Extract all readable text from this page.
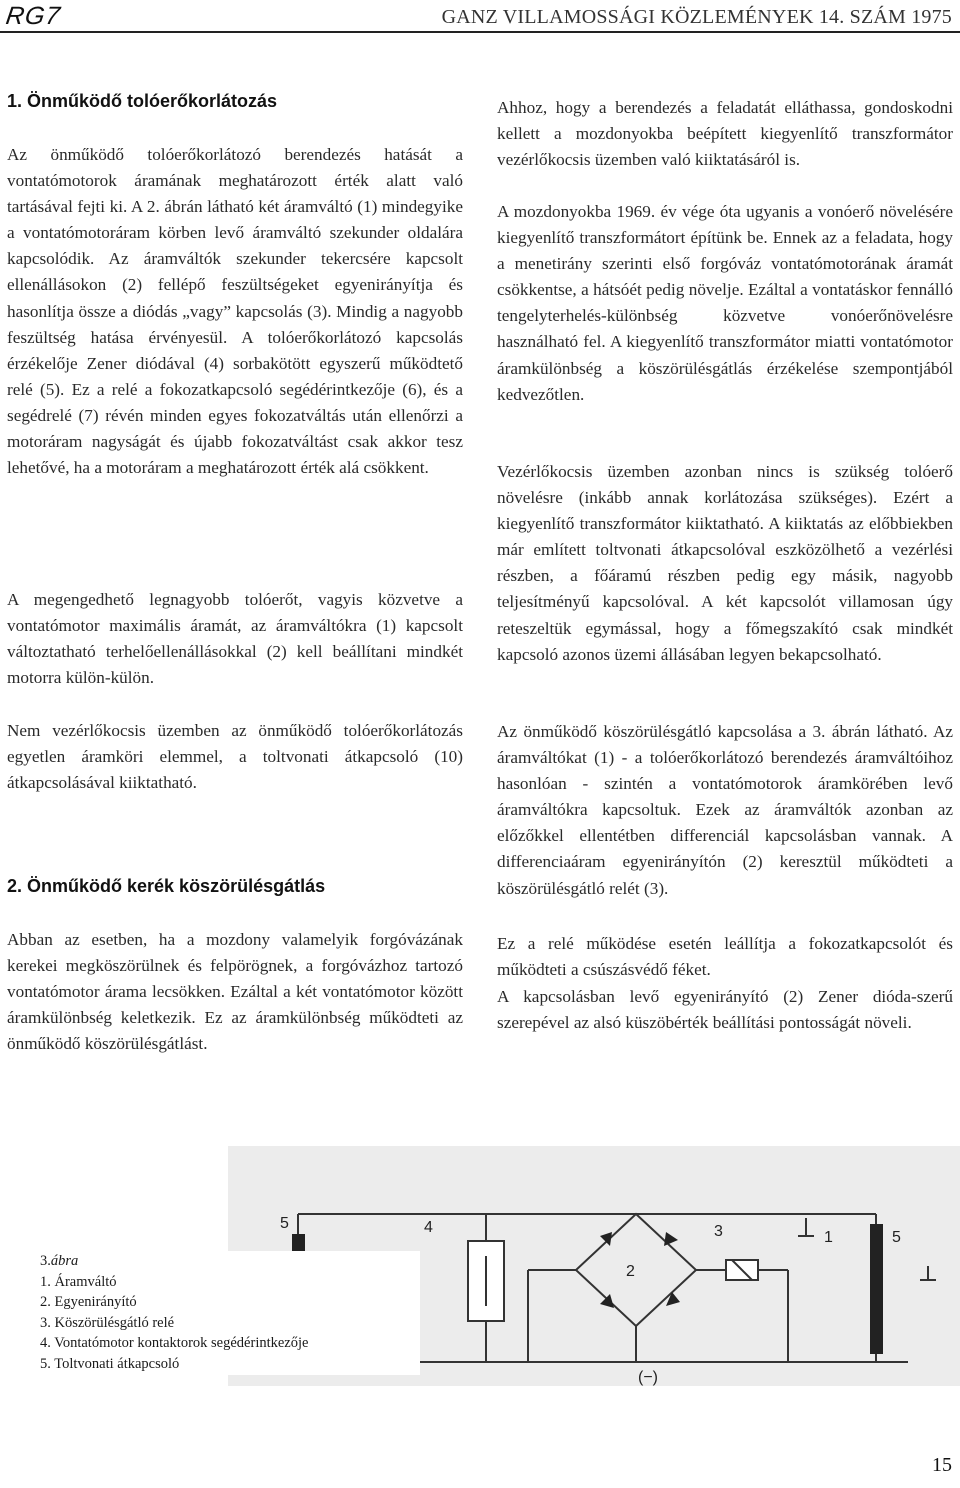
RG7	GANZ VILLAMOSSÁGI KÖZLEMÉNYEK 14. SZÁM 1975
1. Önműködő tolóerőkorlátozás

Az önműködő tolóerőkorlátozó berendezés hatását a vontatómotorok áramának meghatározott érték alatt való tartásával fejti ki. A 2. ábrán látható két áramváltó (1) mindegyike a vontatómotoráram körben levő áramváltó szekunder oldalára kapcsolódik. Az áramváltók szekunder tekercsére kapcsolt ellenállásokon (2) fellépő feszültségeket egyenirányítja és hasonlítja össze a diódás „vagy” kapcsolás (3). Mindig a nagyobb feszültség hatása érvényesül. A tolóerőkorlátozó kapcsolás érzékelője Zener diódával (4) sorbakötött egyszerű működtető relé (5). Ez a relé a fokozatkapcsoló segédérintkezője (6), és a segédrelé (7) révén minden egyes fokozatváltás után ellenőrzi a motoráram nagyságát és újabb fokozatváltást csak akkor tesz lehetővé, ha a motoráram a meghatározott érték alá csökkent.

A megengedhető legnagyobb tolóerőt, vagyis közvetve a vontatómotor maximális áramát, az áramváltókra (1) kapcsolt változtatható terhelőellenállásokkal (2) kell beállítani mindkét motorra külön-külön.

Nem vezérlőkocsis üzemben az önműködő tolóerőkorlátozás egyetlen áramköri elemmel, a toltvonati átkapcsoló (10) átkapcsolásával kiiktatható.

2. Önműködő kerék köszörülésgátlás

Abban az esetben, ha a mozdony valamelyik forgóvázának kerekei megköszörülnek és felpörögnek, a forgóvázhoz tartozó vontatómotor árama lecsökken. Ezáltal a két vontatómotor között áramkülönbség keletkezik. Ez az áramkülönbség működteti az önműködő köszörülésgátlást.

Ahhoz, hogy a berendezés a feladatát elláthassa, gondoskodni kellett a mozdonyokba beépített kiegyenlítő transzformátor vezérlőkocsis üzemben való kiiktatásáról is.

A mozdonyokba 1969. év vége óta ugyanis a vonóerő növelésére kiegyenlítő transzformátort építünk be. Ennek az a feladata, hogy a menetirány szerinti első forgóváz vontatómotorának áramát csökkentse, a hátsóét pedig növelje. Ezáltal a vontatáskor fennálló tengelyterhelés-különbség közvetve vonóerőnövelésre használható fel. A kiegyenlítő transzformátor miatti vontatómotor áramkülönbség a köszörülésgátlás érzékelése szempontjából kedvezőtlen.

Vezérlőkocsis üzemben azonban nincs is szükség tolóerő növelésre (inkább annak korlátozása szükséges). Ezért a kiegyenlítő transzformátor kiiktatható. A kiiktatás az előbbiekben már említett toltvonati átkapcsolóval eszközölhető a vezérlési részben, a főáramú részben pedig egy másik, nagyobb teljesítményű kapcsolóval. A két kapcsolót villamosan úgy reteszeltük egymással, hogy a főmegszakító csak mindkét kapcsoló azonos üzemi állásában legyen bekapcsolható.

Az önműködő köszörülésgátló kapcsolása a 3. ábrán látható. Az áramváltókat (1) - a tolóerőkorlátozó berendezés áramváltóihoz hasonlóan - szintén a vontatómotorok áramkörében levő áramváltókra kapcsoltuk. Ezek az áramváltók azonban az előzőkkel ellentétben differenciál kapcsolásban vannak. A differenciaáram egyenirányítón (2) keresztül működteti a köszörülésgátló relét (3).

Ez a relé működése esetén leállítja a fokozatkapcsolót és működteti a csúszásvédő féket.

A kapcsolásban levő egyenirányító (2) Zener dióda-szerű szerepével az alsó küszöbérték beállítási pontosságát növeli.

5	4	3
2
1	5
(−)
3.ábra
1. Áramváltó
2. Egyenirányító
3. Köszörülésgátló relé
4. Vontatómotor kontaktorok segédérintkezője
5. Toltvonati átkapcsoló
15
